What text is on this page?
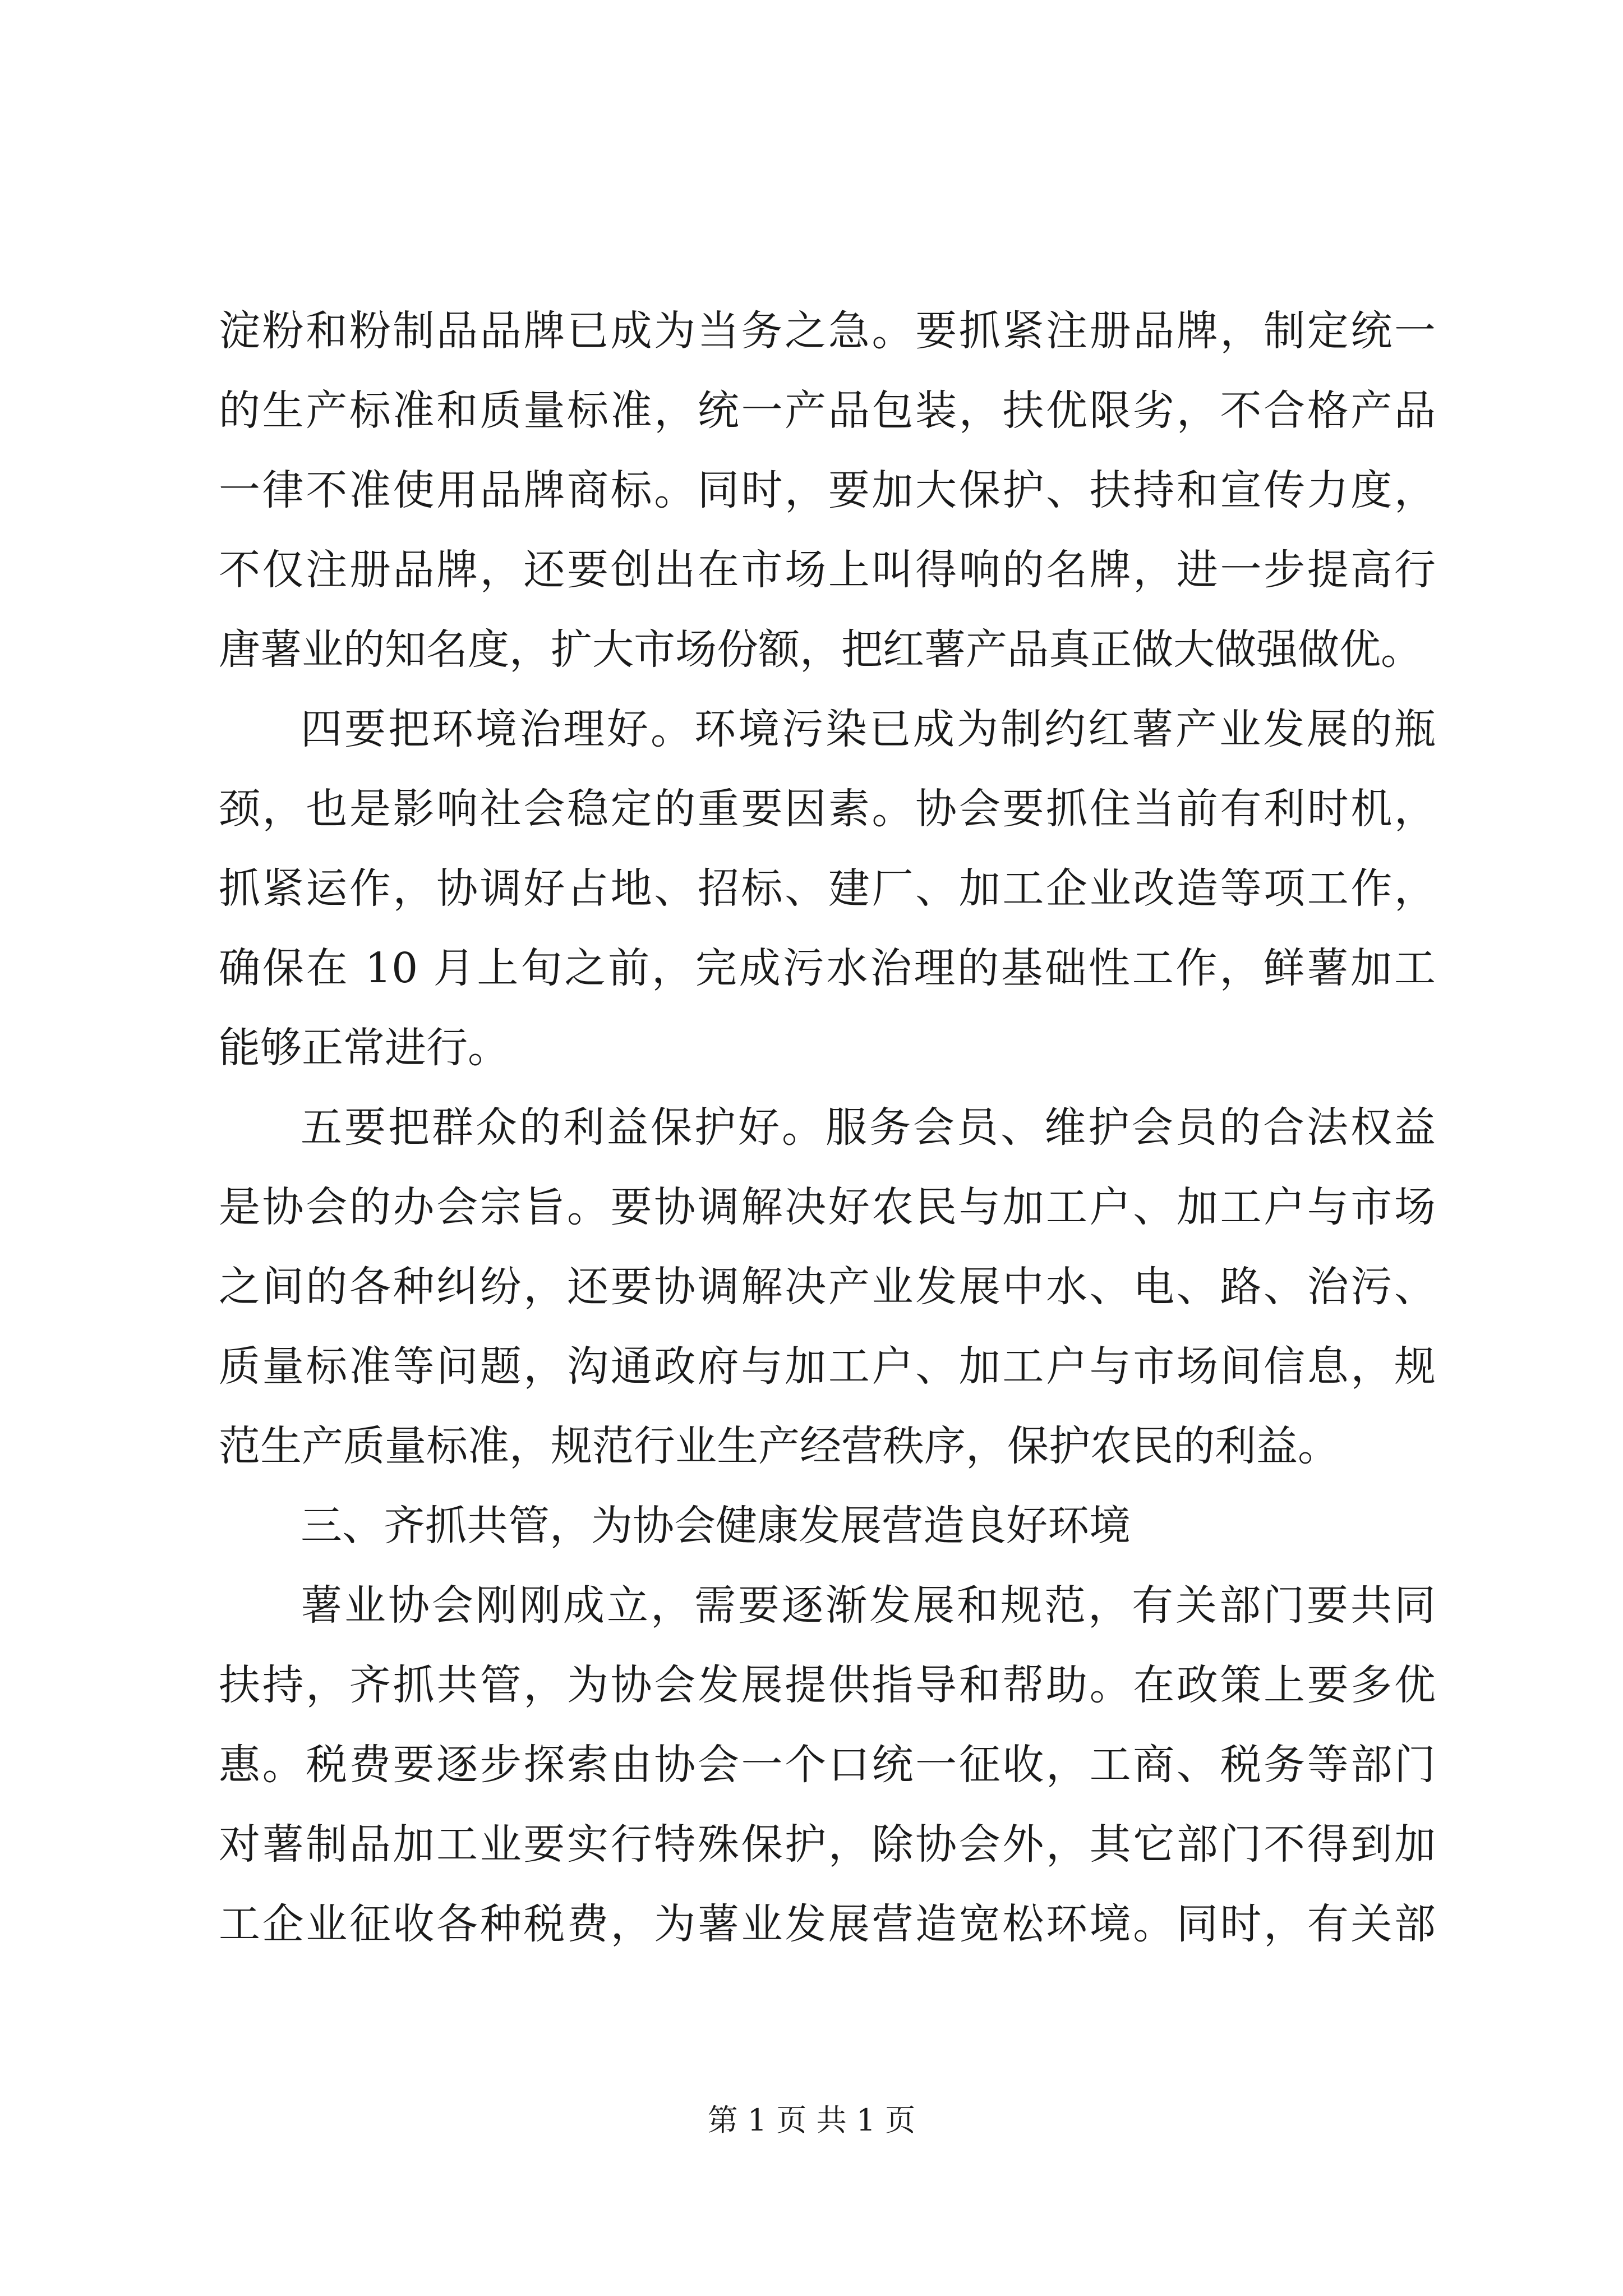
淀粉和粉制品品牌已成为当务之急。要抓紧注册品牌，制定统一
的生产标准和质量标准，统一产品包装，扶优限劣，不合格产品
一律不准使用品牌商标。同时，要加大保护、扶持和宣传力度，
不仅注册品牌，还要创出在市场上叫得响的名牌，进一步提高行
唐薯业的知名度，扩大市场份额，把红薯产品真正做大做强做优。
四要把环境治理好。环境污染已成为制约红薯产业发展的瓶
颈，也是影响社会稳定的重要因素。协会要抓住当前有利时机，
抓紧运作，协调好占地、招标、建厂、加工企业改造等项工作，
确保在 10 月上旬之前，完成污水治理的基础性工作，鲜薯加工
能够正常进行。
五要把群众的利益保护好。服务会员、维护会员的合法权益
是协会的办会宗旨。要协调解决好农民与加工户、加工户与市场
之间的各种纠纷，还要协调解决产业发展中水、电、路、治污、
质量标准等问题，沟通政府与加工户、加工户与市场间信息，规
范生产质量标准，规范行业生产经营秩序，保护农民的利益。
三、齐抓共管，为协会健康发展营造良好环境
薯业协会刚刚成立，需要逐渐发展和规范，有关部门要共同
扶持，齐抓共管，为协会发展提供指导和帮助。在政策上要多优
惠。税费要逐步探索由协会一个口统一征收，工商、税务等部门
对薯制品加工业要实行特殊保护，除协会外，其它部门不得到加
工企业征收各种税费，为薯业发展营造宽松环境。同时，有关部
第 1 页 共 1 页
